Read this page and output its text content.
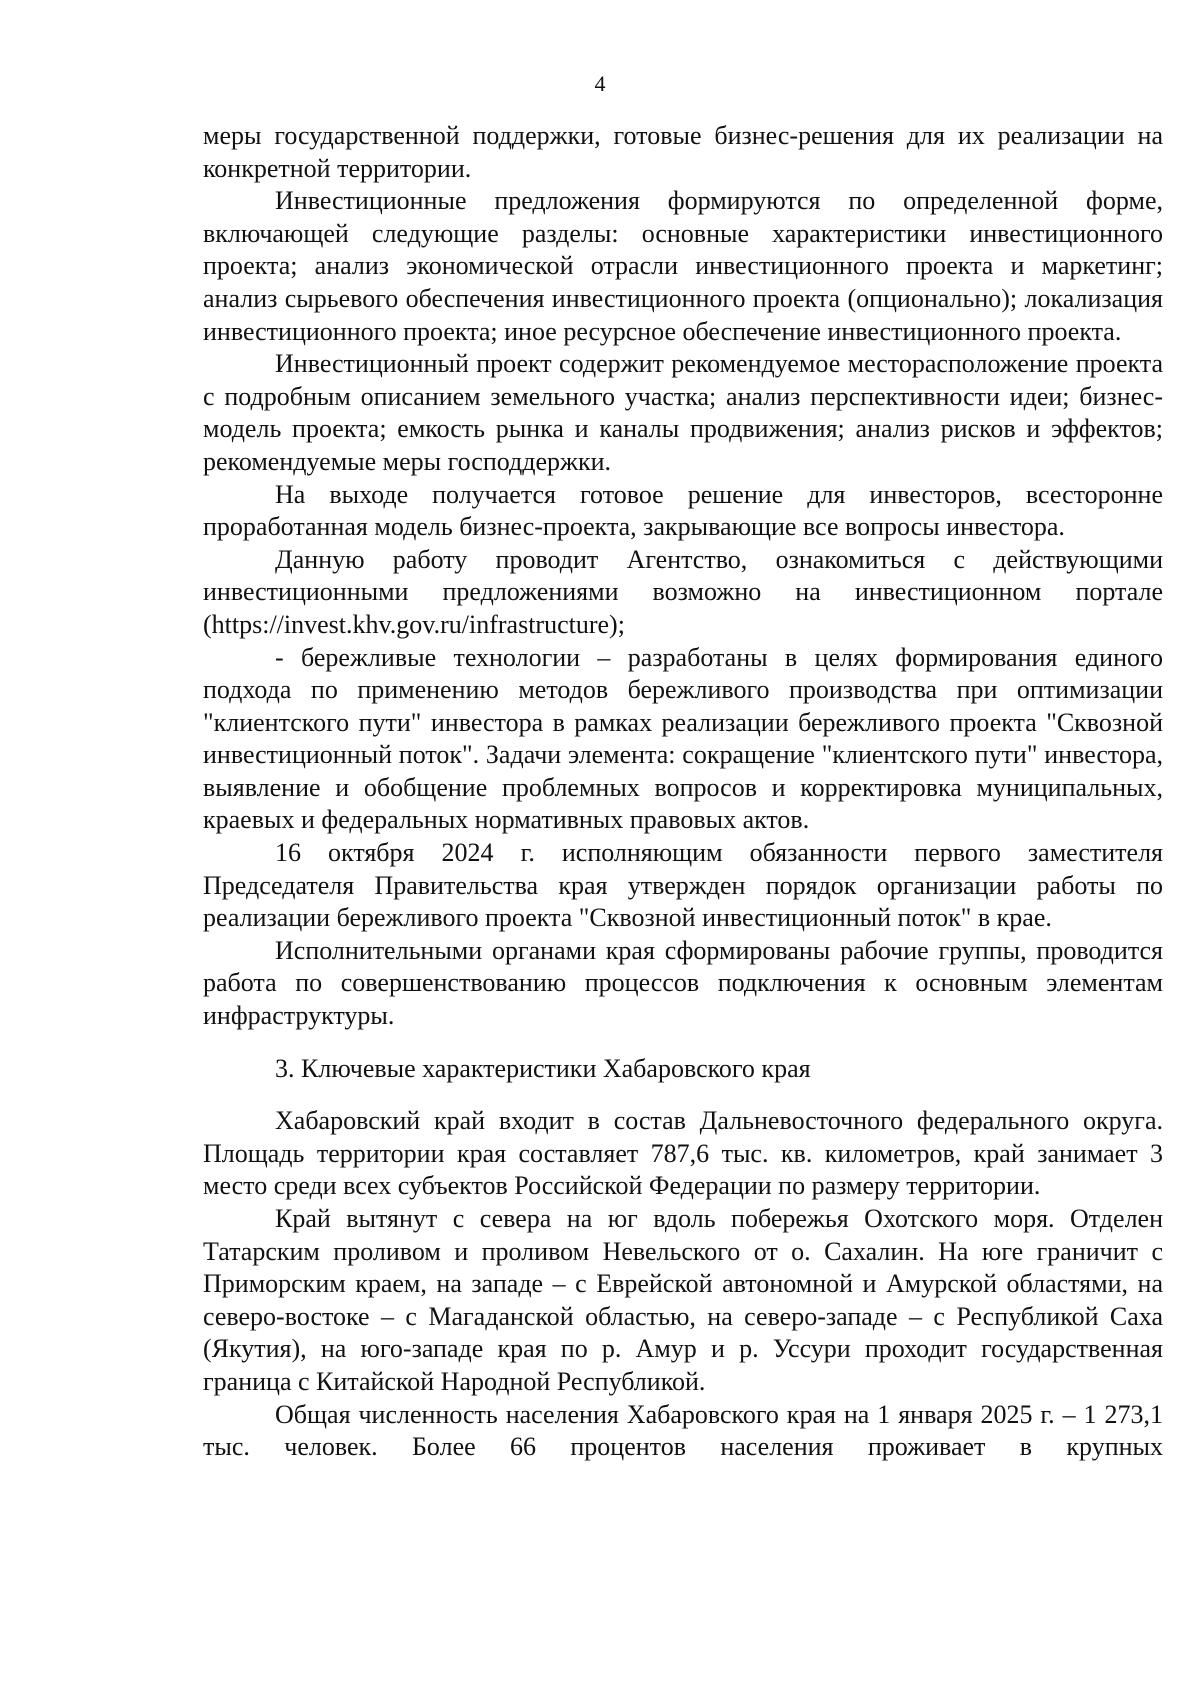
4

меры государственной поддержки, готовые бизнес-решения для их реализации на конкретной территории.

Инвестиционные предложения формируются по определенной форме, включающей следующие разделы: основные характеристики инвестиционного проекта; анализ экономической отрасли инвестиционного проекта и маркетинг; анализ сырьевого обеспечения инвестиционного проекта (опционально); локализация инвестиционного проекта; иное ресурсное обеспечение инвестиционного проекта.

Инвестиционный проект содержит рекомендуемое месторасположение проекта с подробным описанием земельного участка; анализ перспективности идеи; бизнес-модель проекта; емкость рынка и каналы продвижения; анализ рисков и эффектов; рекомендуемые меры господдержки.

На выходе получается готовое решение для инвесторов, всесторонне проработанная модель бизнес-проекта, закрывающие все вопросы инвестора.

Данную работу проводит Агентство, ознакомиться с действующими инвестиционными предложениями возможно на инвестиционном портале (https://invest.khv.gov.ru/infrastructure);

- бережливые технологии – разработаны в целях формирования единого подхода по применению методов бережливого производства при оптимизации "клиентского пути" инвестора в рамках реализации бережливого проекта "Сквозной инвестиционный поток". Задачи элемента: сокращение "клиентского пути" инвестора, выявление и обобщение проблемных вопросов и корректировка муниципальных, краевых и федеральных нормативных правовых актов.

16 октября 2024 г. исполняющим обязанности первого заместителя Председателя Правительства края утвержден порядок организации работы по реализации бережливого проекта "Сквозной инвестиционный поток" в крае.

Исполнительными органами края сформированы рабочие группы, проводится работа по совершенствованию процессов подключения к основным элементам инфраструктуры.

3. Ключевые характеристики Хабаровского края

Хабаровский край входит в состав Дальневосточного федерального округа. Площадь территории края составляет 787,6 тыс. кв. километров, край занимает 3 место среди всех субъектов Российской Федерации по размеру территории.

Край вытянут с севера на юг вдоль побережья Охотского моря. Отделен Татарским проливом и проливом Невельского от о. Сахалин. На юге граничит с Приморским краем, на западе – с Еврейской автономной и Амурской областями, на северо-востоке – с Магаданской областью, на северо-западе – с Республикой Саха (Якутия), на юго-западе края по р. Амур и р. Уссури проходит государственная граница с Китайской Народной Республикой.

Общая численность населения Хабаровского края на 1 января 2025 г. – 1 273,1 тыс. человек. Более 66 процентов населения проживает в крупных
